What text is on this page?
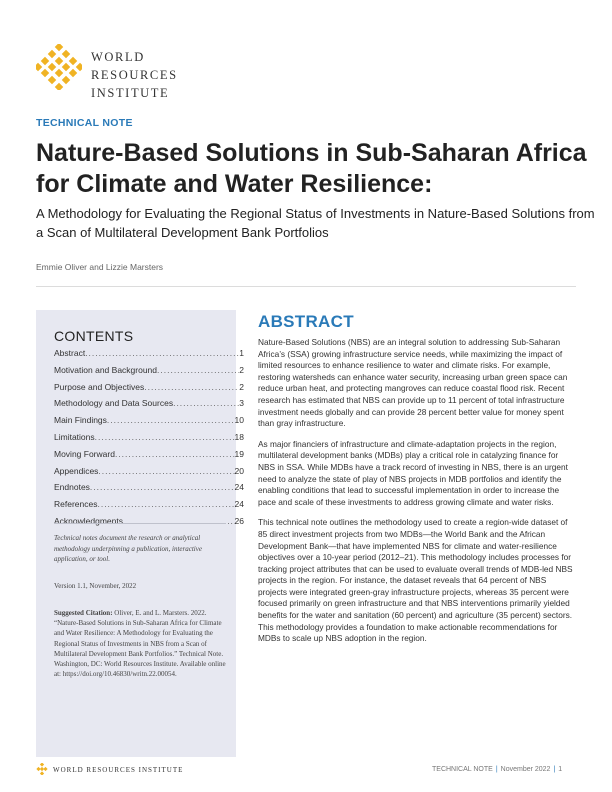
WORLD
RESOURCES
INSTITUTE
TECHNICAL NOTE
Nature-Based Solutions in Sub-Saharan Africa for Climate and Water Resilience:
A Methodology for Evaluating the Regional Status of Investments in Nature-Based Solutions from a Scan of Multilateral Development Bank Portfolios
Emmie Oliver and Lizzie Marsters
CONTENTS
Abstract .....	1
Motivation and Background .....	2
Purpose and Objectives .....	2
Methodology and Data Sources .....	3
Main Findings .....	10
Limitations .....	18
Moving Forward .....	19
Appendices .....	20
Endnotes .....	24
References .....	24
Acknowledgments .....	26
Technical notes document the research or analytical methodology underpinning a publication, interactive application, or tool.
Version 1.1, November, 2022
Suggested Citation: Oliver, E. and L. Marsters. 2022. “Nature-Based Solutions in Sub-Saharan Africa for Climate and Water Resilience: A Methodology for Evaluating the Regional Status of Investments in NBS from a Scan of Multilateral Development Bank Portfolios.” Technical Note. Washington, DC: World Resources Institute. Available online at: https://doi.org/10.46830/writn.22.00054.
ABSTRACT

Nature-Based Solutions (NBS) are an integral solution to addressing Sub-Saharan Africa’s (SSA) growing infrastructure service needs, while maximizing the impact of limited resources to enhance resilience to water and climate risks. For example, restoring watersheds can enhance water security, increasing urban green space can reduce urban heat, and protecting mangroves can reduce coastal flood risk. Recent research has estimated that NBS can provide up to 11 percent of total infrastructure investment needs globally and can provide 28 percent better value for money spent than gray infrastructure.

As major financiers of infrastructure and climate-adaptation projects in the region, multilateral development banks (MDBs) play a critical role in catalyzing finance for NBS in SSA. While MDBs have a track record of investing in NBS, there is an urgent need to analyze the state of play of NBS projects in MDB portfolios and identify the enabling conditions that lead to successful implementation in order to increase the pace and scale of these investments to address growing climate and water risks.

This technical note outlines the methodology used to create a region-wide dataset of 85 direct investment projects from two MDBs—the World Bank and the African Development Bank—that have implemented NBS for climate and water-resilience objectives over a 10-year period (2012–21). This methodology includes processes for tracking project attributes that can be used to evaluate overall trends of MDB-led NBS projects in the region. For instance, the dataset reveals that 64 percent of NBS projects were integrated green-gray infrastructure projects, whereas 35 percent were focused primarily on green infrastructure and that NBS interventions primarily yielded benefits for the water and sanitation (60 percent) and agriculture (35 percent) sectors. This methodology provides a foundation to make actionable recommendations for MDBs to scale up NBS adoption in the region.

WORLD RESOURCES INSTITUTE	TECHNICAL NOTE | November 2022 | 1
